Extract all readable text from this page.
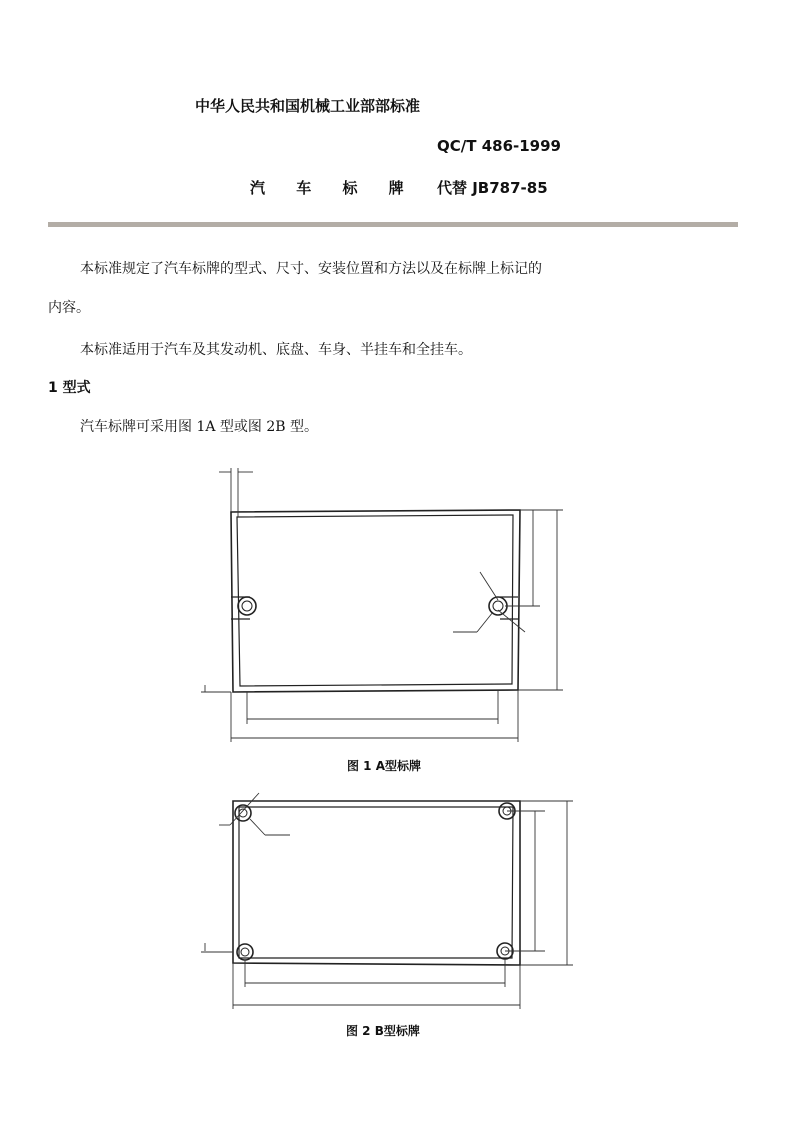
中华人民共和国机械工业部部标准
QC/T 486-1999
汽 车 标 牌 代替 JB787-85
本标准规定了汽车标牌的型式、尺寸、安装位置和方法以及在标牌上标记的
内容。
本标准适用于汽车及其发动机、底盘、车身、半挂车和全挂车。
1 型式
汽车标牌可采用图 1A 型或图 2B 型。
图 1 A型标牌
图 2 B型标牌
